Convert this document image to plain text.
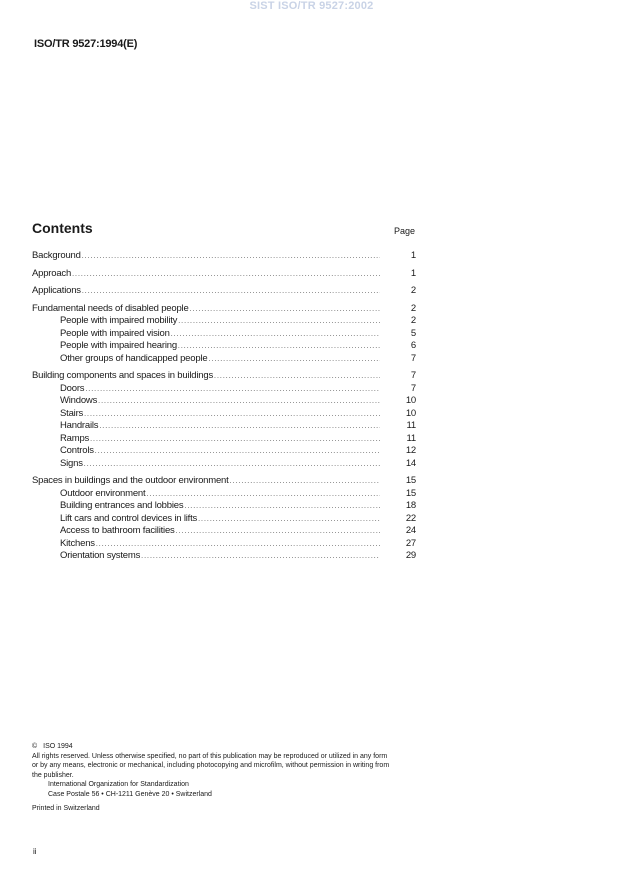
SIST ISO/TR 9527:2002
ISO/TR 9527:1994(E)
Contents	Page
Background .....	1
Approach .....	1
Applications .....	2
Fundamental needs of disabled people .....	2
People with impaired mobility .....	2
People with impaired vision .....	5
People with impaired hearing .....	6
Other groups of handicapped people .....	7
Building components and spaces in buildings .....	7
Doors .....	7
Windows .....	10
Stairs .....	10
Handrails .....	11
Ramps .....	11
Controls .....	12
Signs .....	14
Spaces in buildings and the outdoor environment .....	15
Outdoor environment .....	15
Building entrances and lobbies .....	18
Lift cars and control devices in lifts .....	22
Access to bathroom facilities .....	24
Kitchens .....	27
Orientation systems .....	29
© ISO 1994
All rights reserved. Unless otherwise specified, no part of this publication may be reproduced or utilized in any form or by any means, electronic or mechanical, including photocopying and microfilm, without permission in writing from the publisher.
International Organization for Standardization
Case Postale 56 • CH-1211 Genève 20 • Switzerland
Printed in Switzerland
ii
